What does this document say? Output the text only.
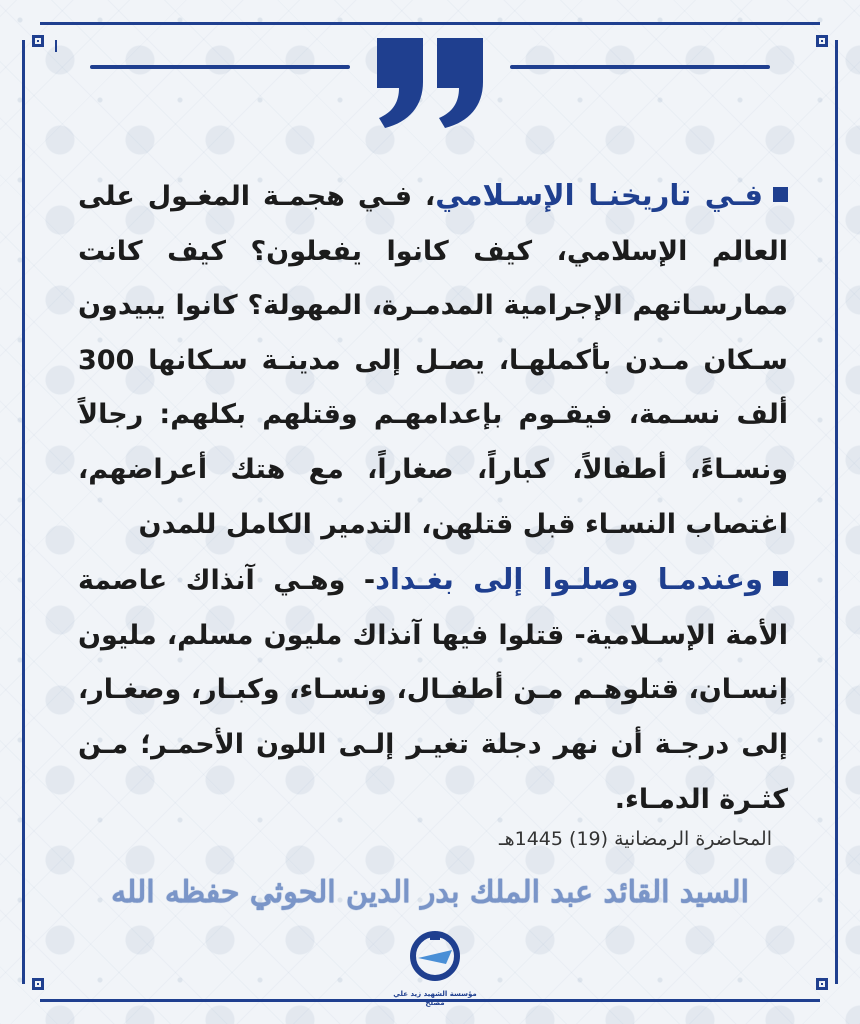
فـي تاريخنـا الإسـلامي، فـي هجمـة المغـول على العالم الإسلامي، كيف كانوا يفعلون؟ كيف كانت ممارسـاتهم الإجرامية المدمـرة، المهولة؟ كانوا يبيدون سـكان مـدن بأكملهـا، يصـل إلى مدينـة سـكانها 300 ألف نسـمة، فيقـوم بإعدامهـم وقتلهم بكلهم: رجالاً ونسـاءً، أطفالاً، كباراً، صغاراً، مع هتك أعراضهم، اغتصاب النسـاء قبل قتلهن، التدمير الكامل للمدن

وعندمـا وصلـوا إلى بغـداد- وهـي آنذاك عاصمة الأمة الإسـلامية- قتلوا فيها آنذاك مليون مسلم، مليون إنسـان، قتلوهـم مـن أطفـال، ونسـاء، وكبـار، وصغـار، إلى درجـة أن نهر دجلة تغيـر إلـى اللون الأحمـر؛ مـن كثـرة الدمـاء.

المحاضرة الرمضانية (19) 1445هـ
السيد القائد عبد الملك بدر الدين الحوثي حفظه الله
مؤسسة الشهيد زيد علي مصلح
